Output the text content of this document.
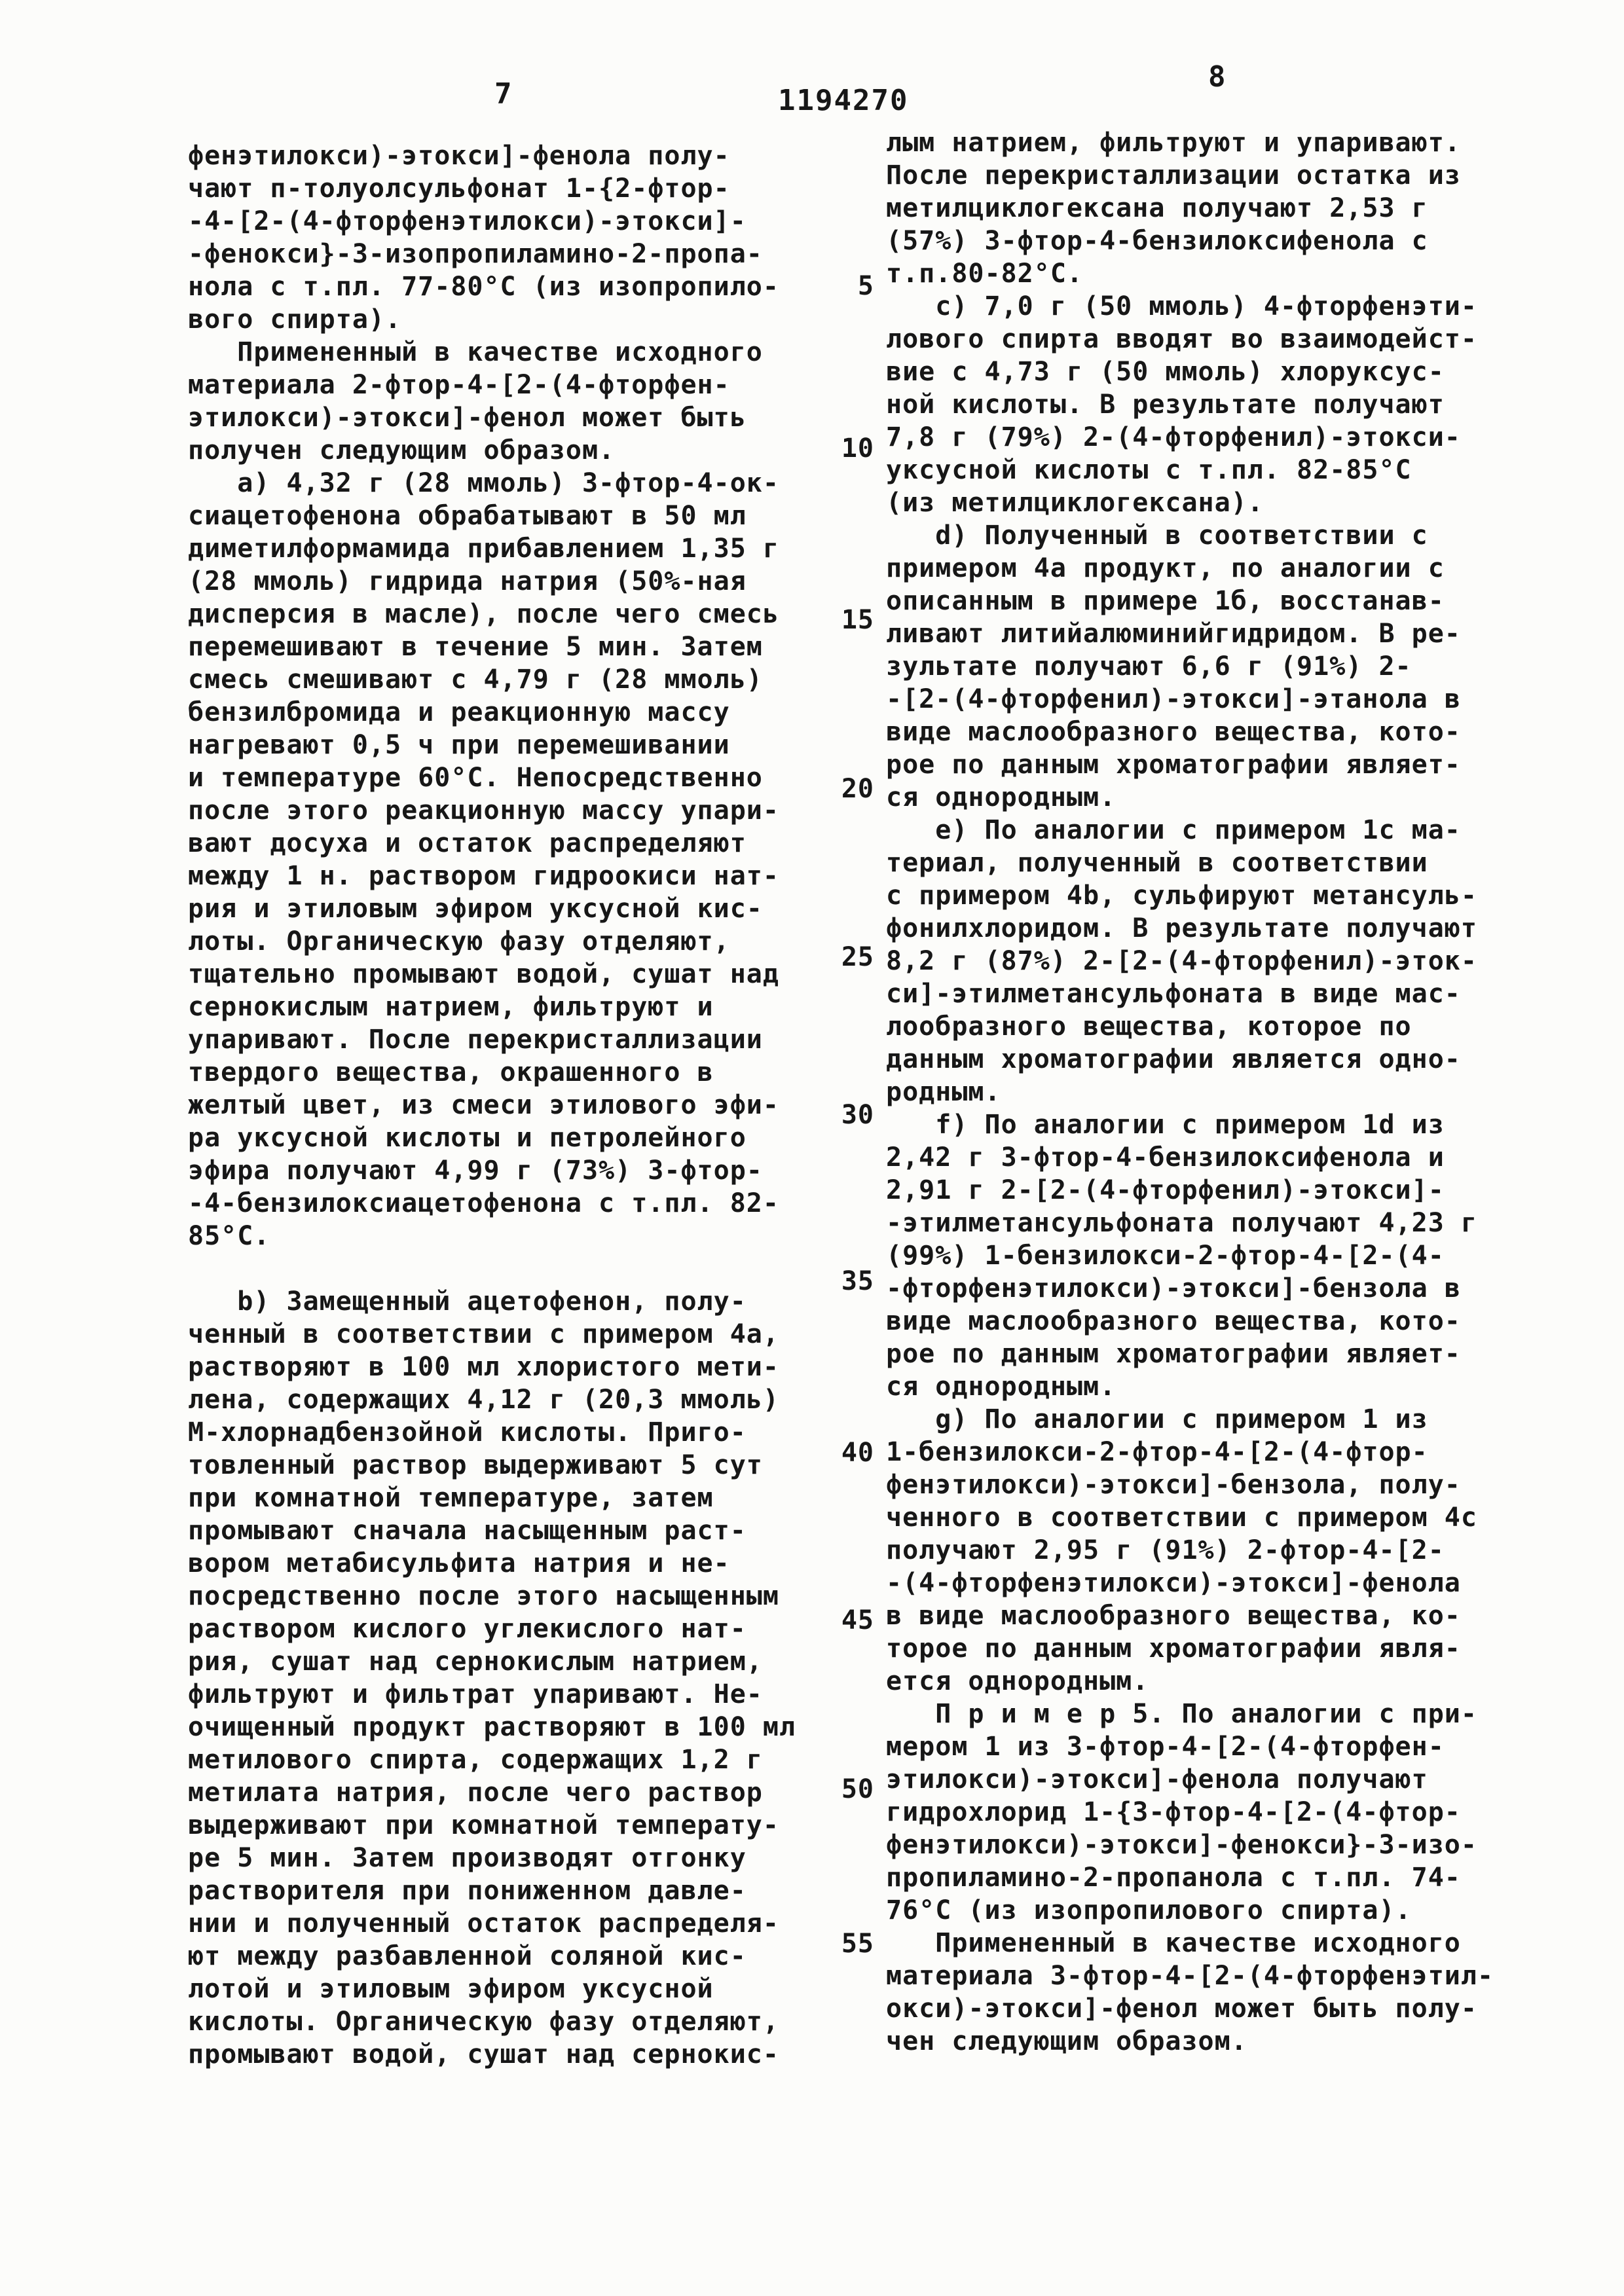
7	1194270
8
фенэтилокси)-этокси]-фенола полу-
чают п-толуолсульфонат 1-{2-фтор-
-4-[2-(4-фторфенэтилокси)-этокси]-
-фенокси}-3-изопропиламино-2-пропа-
нола с т.пл. 77-80°С (из изопропило-
вого спирта).
Примененный в качестве исходного
материала 2-фтор-4-[2-(4-фторфен-
этилокси)-этокси]-фенол может быть
получен следующим образом.
а) 4,32 г (28 ммоль) 3-фтор-4-ок-
сиацетофенона обрабатывают в 50 мл
диметилформамида прибавлением 1,35 г
(28 ммоль) гидрида натрия (50%-ная
дисперсия в масле), после чего смесь
перемешивают в течение 5 мин. Затем
смесь смешивают с 4,79 г (28 ммоль)
бензилбромида и реакционную массу
нагревают 0,5 ч при перемешивании
и температуре 60°С. Непосредственно
после этого реакционную массу упари-
вают досуха и остаток распределяют
между 1 н. раствором гидроокиси нат-
рия и этиловым эфиром уксусной кис-
лоты. Органическую фазу отделяют,
тщательно промывают водой, сушат над
сернокислым натрием, фильтруют и
упаривают. После перекристаллизации
твердого вещества, окрашенного в
желтый цвет, из смеси этилового эфи-
ра уксусной кислоты и петролейного
эфира получают 4,99 г (73%) 3-фтор-
-4-бензилоксиацетофенона с т.пл. 82-
85°С.

b) Замещенный ацетофенон, полу-
ченный в соответствии с примером 4а,
растворяют в 100 мл хлористого мети-
лена, содержащих 4,12 г (20,3 ммоль)
М-хлорнадбензойной кислоты. Приго-
товленный раствор выдерживают 5 сут
при комнатной температуре, затем
промывают сначала насыщенным раст-
вором метабисульфита натрия и не-
посредственно после этого насыщенным
раствором кислого углекислого нат-
рия, сушат над сернокислым натрием,
фильтруют и фильтрат упаривают. Не-
очищенный продукт растворяют в 100 мл
метилового спирта, содержащих 1,2 г
метилата натрия, после чего раствор
выдерживают при комнатной температу-
ре 5 мин. Затем производят отгонку
растворителя при пониженном давле-
нии и полученный остаток распределя-
ют между разбавленной соляной кис-
лотой и этиловым эфиром уксусной
кислоты. Органическую фазу отделяют,
промывают водой, сушат над сернокис-
лым натрием, фильтруют и упаривают.
После перекристаллизации остатка из
метилциклогексана получают 2,53 г
(57%) 3-фтор-4-бензилоксифенола с
т.п.80-82°С.
с) 7,0 г (50 ммоль) 4-фторфенэти-
лового спирта вводят во взаимодейст-
вие с 4,73 г (50 ммоль) хлоруксус-
ной кислоты. В результате получают
7,8 г (79%) 2-(4-фторфенил)-этокси-
уксусной кислоты с т.пл. 82-85°С
(из метилциклогексана).
d) Полученный в соответствии с
примером 4а продукт, по аналогии с
описанным в примере 1б, восстанав-
ливают литийалюминийгидридом. В ре-
зультате получают 6,6 г (91%) 2-
-[2-(4-фторфенил)-этокси]-этанола в
виде маслообразного вещества, кото-
рое по данным хроматографии являет-
ся однородным.
е) По аналогии с примером 1с ма-
териал, полученный в соответствии
с примером 4b, сульфируют метансуль-
фонилхлоридом. В результате получают
8,2 г (87%) 2-[2-(4-фторфенил)-эток-
си]-этилметансульфоната в виде мас-
лообразного вещества, которое по
данным хроматографии является одно-
родным.
f) По аналогии с примером 1d из
2,42 г 3-фтор-4-бензилоксифенола и
2,91 г 2-[2-(4-фторфенил)-этокси]-
-этилметансульфоната получают 4,23 г
(99%) 1-бензилокси-2-фтор-4-[2-(4-
-фторфенэтилокси)-этокси]-бензола в
виде маслообразного вещества, кото-
рое по данным хроматографии являет-
ся однородным.
g) По аналогии с примером 1 из
1-бензилокси-2-фтор-4-[2-(4-фтор-
фенэтилокси)-этокси]-бензола, полу-
ченного в соответствии с примером 4с
получают 2,95 г (91%) 2-фтор-4-[2-
-(4-фторфенэтилокси)-этокси]-фенола
в виде маслообразного вещества, ко-
торое по данным хроматографии явля-
ется однородным.
П р и м е р 5. По аналогии с при-
мером 1 из 3-фтор-4-[2-(4-фторфен-
этилокси)-этокси]-фенола получают
гидрохлорид 1-{3-фтор-4-[2-(4-фтор-
фенэтилокси)-этокси]-фенокси}-3-изо-
пропиламино-2-пропанола с т.пл. 74-
76°С (из изопропилового спирта).
Примененный в качестве исходного
материала 3-фтор-4-[2-(4-фторфенэтил-
окси)-этокси]-фенол может быть полу-
чен следующим образом.
5
10
15
20
25
30
35
40
45
50
55
